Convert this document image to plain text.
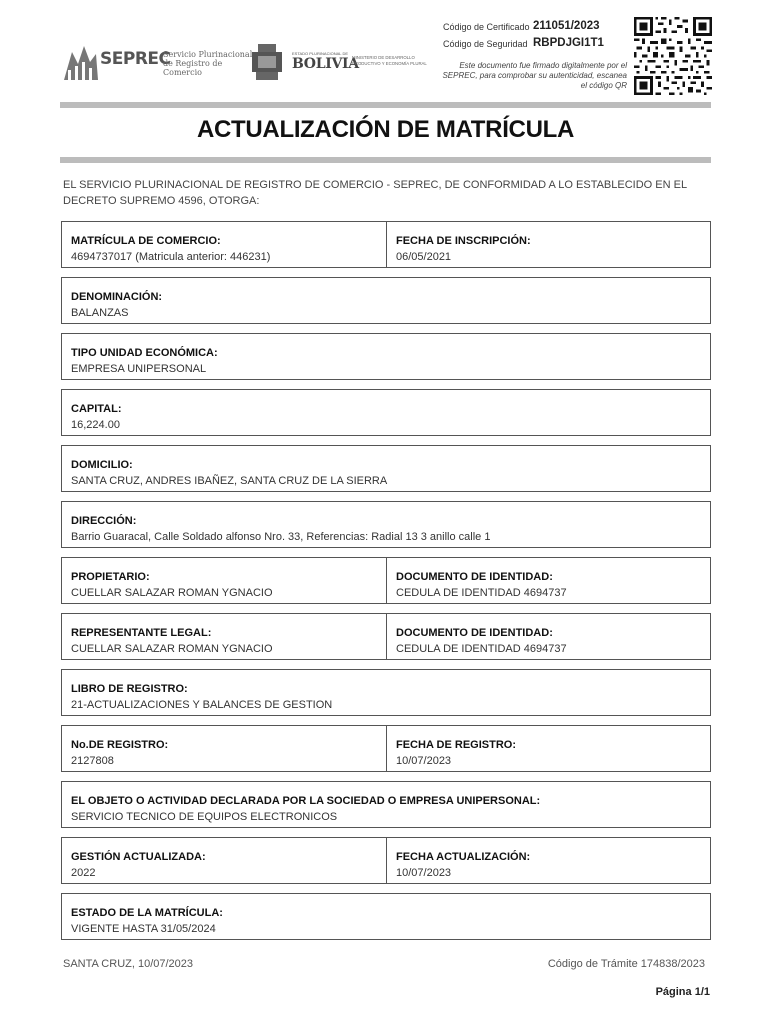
SEPREC
Servicio Plurinacional de Registro de Comercio
ESTADO PLURINACIONAL DE
BOLIVIA
MINISTERIO DE DESARROLLO PRODUCTIVO Y ECONOMÍA PLURAL
Código de Certificado 211051/2023
Código de Seguridad RBPDJGI1T1
Este documento fue firmado digitalmente por el SEPREC, para comprobar su autenticidad, escanea el código QR
ACTUALIZACIÓN DE MATRÍCULA
EL SERVICIO PLURINACIONAL DE REGISTRO DE COMERCIO - SEPREC, DE CONFORMIDAD A LO ESTABLECIDO EN EL DECRETO SUPREMO 4596, OTORGA:
MATRÍCULA DE COMERCIO:
4694737017 (Matricula anterior: 446231)
FECHA DE INSCRIPCIÓN:
06/05/2021
DENOMINACIÓN:
BALANZAS
TIPO UNIDAD ECONÓMICA:
EMPRESA UNIPERSONAL
CAPITAL:
16,224.00
DOMICILIO:
SANTA CRUZ, ANDRES IBAÑEZ, SANTA CRUZ DE LA SIERRA
DIRECCIÓN:
Barrio Guaracal, Calle Soldado alfonso Nro. 33, Referencias: Radial 13 3 anillo calle 1
PROPIETARIO:
CUELLAR SALAZAR ROMAN YGNACIO
DOCUMENTO DE IDENTIDAD:
CEDULA DE IDENTIDAD 4694737
REPRESENTANTE LEGAL:
CUELLAR SALAZAR ROMAN YGNACIO
DOCUMENTO DE IDENTIDAD:
CEDULA DE IDENTIDAD 4694737
LIBRO DE REGISTRO:
21-ACTUALIZACIONES Y BALANCES DE GESTION
No.DE REGISTRO:
2127808
FECHA DE REGISTRO:
10/07/2023
EL OBJETO O ACTIVIDAD DECLARADA POR LA SOCIEDAD O EMPRESA UNIPERSONAL:
SERVICIO TECNICO DE EQUIPOS ELECTRONICOS
GESTIÓN ACTUALIZADA:
2022
FECHA ACTUALIZACIÓN:
10/07/2023
ESTADO DE LA MATRÍCULA:
VIGENTE HASTA 31/05/2024
SANTA CRUZ, 10/07/2023	Código de Trámite 174838/2023
Página 1/1
